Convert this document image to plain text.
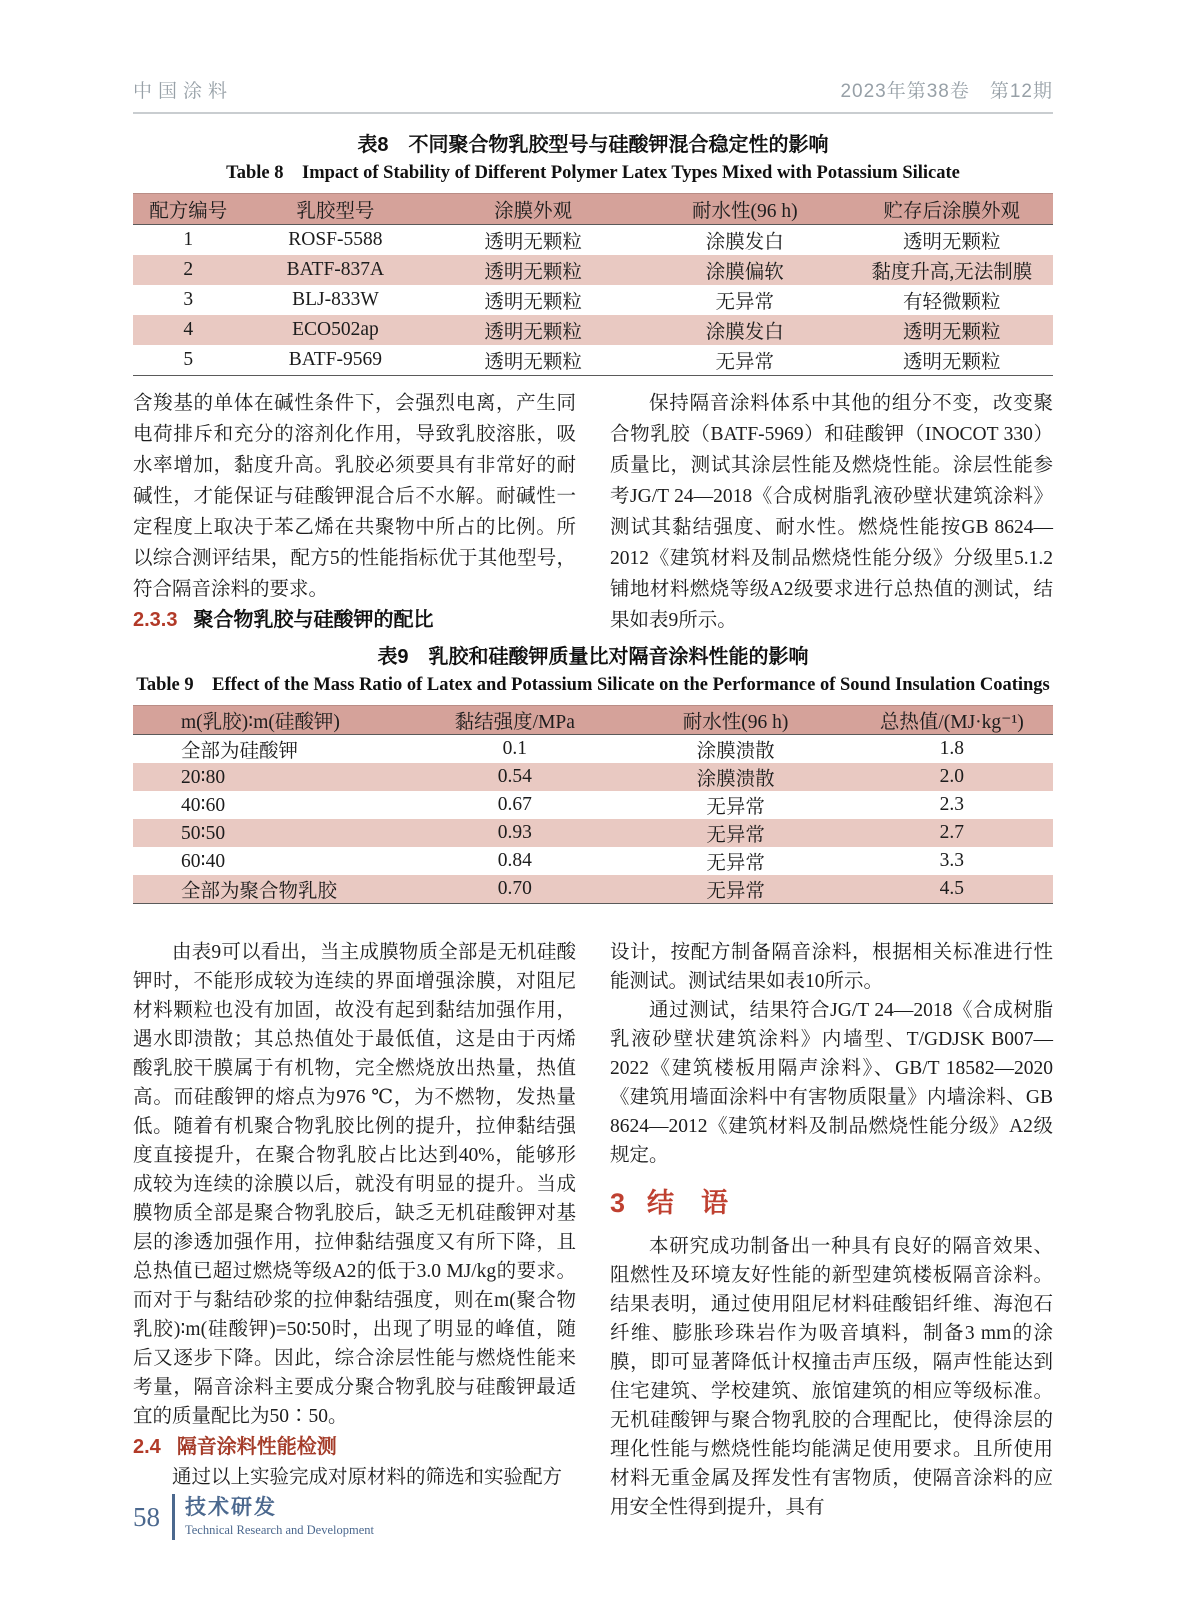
中国涂料	2023年第38卷　第12期
表8　不同聚合物乳胶型号与硅酸钾混合稳定性的影响
Table 8　Impact of Stability of Different Polymer Latex Types Mixed with Potassium Silicate
配方编号	乳胶型号	涂膜外观	耐水性(96 h)	贮存后涂膜外观
1	ROSF-5588	透明无颗粒	涂膜发白	透明无颗粒
2	BATF-837A	透明无颗粒	涂膜偏软	黏度升高,无法制膜
3	BLJ-833W	透明无颗粒	无异常	有轻微颗粒
4	ECO502ap	透明无颗粒	涂膜发白	透明无颗粒
5	BATF-9569	透明无颗粒	无异常	透明无颗粒

含羧基的单体在碱性条件下，会强烈电离，产生同电荷排斥和充分的溶剂化作用，导致乳胶溶胀，吸水率增加，黏度升高。乳胶必须要具有非常好的耐碱性，才能保证与硅酸钾混合后不水解。耐碱性一定程度上取决于苯乙烯在共聚物中所占的比例。所以综合测评结果，配方5的性能指标优于其他型号，符合隔音涂料的要求。

2.3.3 聚合物乳胶与硅酸钾的配比

保持隔音涂料体系中其他的组分不变，改变聚合物乳胶（BATF-5969）和硅酸钾（INOCOT 330）质量比，测试其涂层性能及燃烧性能。涂层性能参考JG/T 24—2018《合成树脂乳液砂壁状建筑涂料》测试其黏结强度、耐水性。燃烧性能按GB 8624—2012《建筑材料及制品燃烧性能分级》分级里5.1.2铺地材料燃烧等级A2级要求进行总热值的测试，结果如表9所示。

表9　乳胶和硅酸钾质量比对隔音涂料性能的影响
Table 9　Effect of the Mass Ratio of Latex and Potassium Silicate on the Performance of Sound Insulation Coatings
m(乳胶)∶m(硅酸钾)	黏结强度/MPa	耐水性(96 h)	总热值/(MJ·kg⁻¹)
全部为硅酸钾	0.1	涂膜溃散	1.8
20∶80	0.54	涂膜溃散	2.0
40∶60	0.67	无异常	2.3
50∶50	0.93	无异常	2.7
60∶40	0.84	无异常	3.3
全部为聚合物乳胶	0.70	无异常	4.5

由表9可以看出，当主成膜物质全部是无机硅酸钾时，不能形成较为连续的界面增强涂膜，对阻尼材料颗粒也没有加固，故没有起到黏结加强作用，遇水即溃散；其总热值处于最低值，这是由于丙烯酸乳胶干膜属于有机物，完全燃烧放出热量，热值高。而硅酸钾的熔点为976 ℃，为不燃物，发热量低。随着有机聚合物乳胶比例的提升，拉伸黏结强度直接提升，在聚合物乳胶占比达到40%，能够形成较为连续的涂膜以后，就没有明显的提升。当成膜物质全部是聚合物乳胶后，缺乏无机硅酸钾对基层的渗透加强作用，拉伸黏结强度又有所下降，且总热值已超过燃烧等级A2的低于3.0 MJ/kg的要求。而对于与黏结砂浆的拉伸黏结强度，则在m(聚合物乳胶)∶m(硅酸钾)=50∶50时，出现了明显的峰值，随后又逐步下降。因此，综合涂层性能与燃烧性能来考量，隔音涂料主要成分聚合物乳胶与硅酸钾最适宜的质量配比为50∶50。

2.4 隔音涂料性能检测

通过以上实验完成对原材料的筛选和实验配方

设计，按配方制备隔音涂料，根据相关标准进行性能测试。测试结果如表10所示。

通过测试，结果符合JG/T 24—2018《合成树脂乳液砂壁状建筑涂料》内墙型、T/GDJSK B007—2022《建筑楼板用隔声涂料》、GB/T 18582—2020《建筑用墙面涂料中有害物质限量》内墙涂料、GB 8624—2012《建筑材料及制品燃烧性能分级》A2级规定。

3 结　语

本研究成功制备出一种具有良好的隔音效果、阻燃性及环境友好性能的新型建筑楼板隔音涂料。结果表明，通过使用阻尼材料硅酸铝纤维、海泡石纤维、膨胀珍珠岩作为吸音填料，制备3 mm的涂膜，即可显著降低计权撞击声压级，隔声性能达到住宅建筑、学校建筑、旅馆建筑的相应等级标准。无机硅酸钾与聚合物乳胶的合理配比，使得涂层的理化性能与燃烧性能均能满足使用要求。且所使用材料无重金属及挥发性有害物质，使隔音涂料的应用安全性得到提升，具有

58 技术研发
Technical Research and Development
